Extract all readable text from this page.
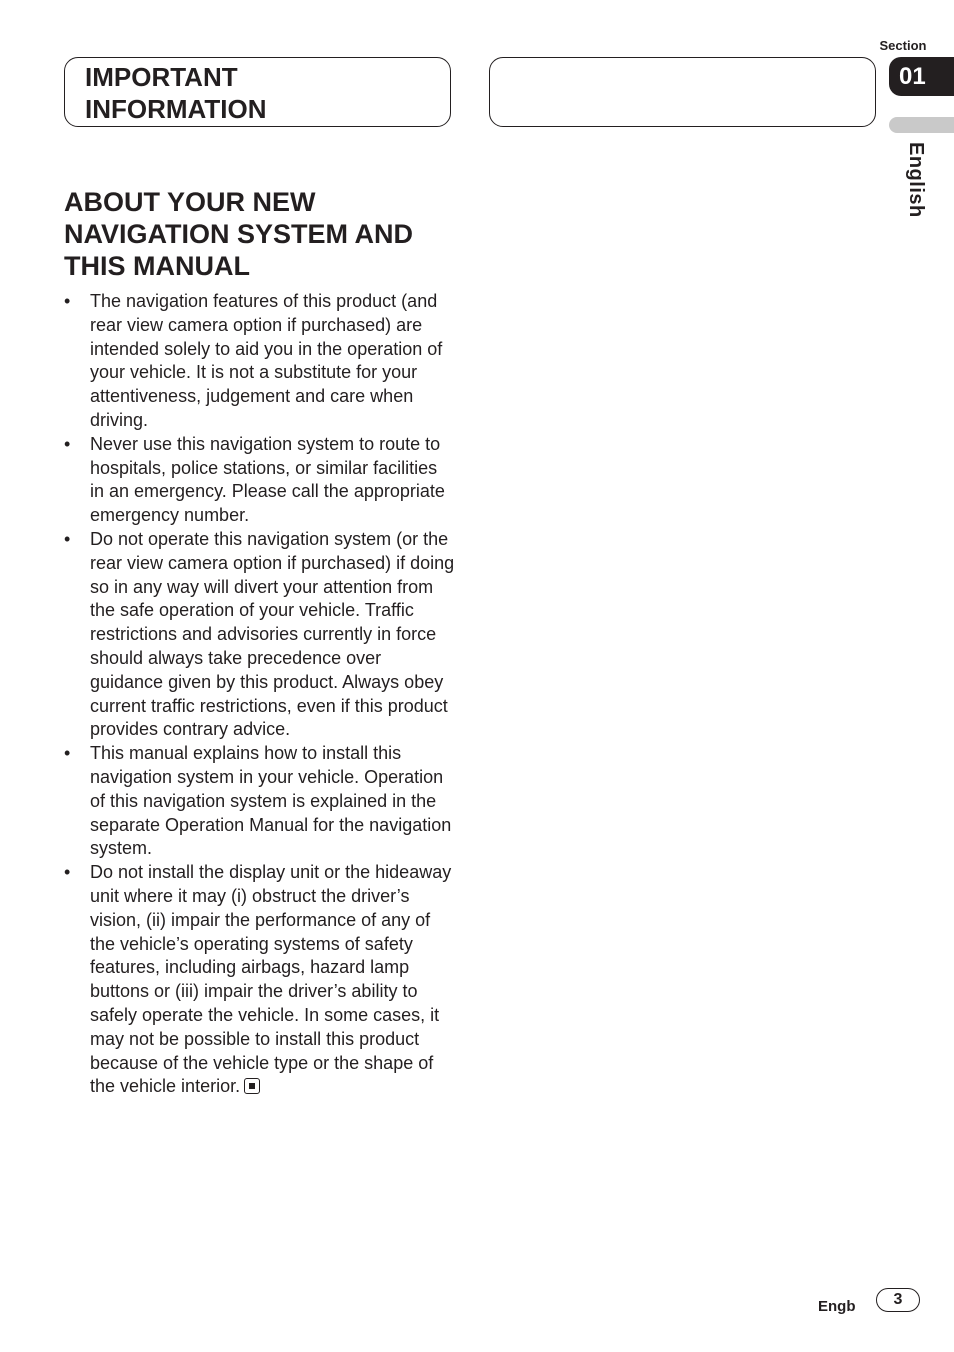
IMPORTANT
INFORMATION
Section
01
English
ABOUT YOUR NEW
NAVIGATION SYSTEM AND
THIS MANUAL
• The navigation features of this product (and rear view camera option if purchased) are intended solely to aid you in the operation of your vehicle. It is not a substitute for your attentiveness, judgement and care when driving.
• Never use this navigation system to route to hospitals, police stations, or similar facilities in an emergency. Please call the appropriate emergency number.
• Do not operate this navigation system (or the rear view camera option if purchased) if doing so in any way will divert your attention from the safe operation of your vehicle. Traffic restrictions and advisories currently in force should always take precedence over guidance given by this product. Always obey current traffic restrictions, even if this product provides contrary advice.
• This manual explains how to install this navigation system in your vehicle. Operation of this navigation system is explained in the separate Operation Manual for the navigation system.
• Do not install the display unit or the hideaway unit where it may (i) obstruct the driver’s vision, (ii) impair the performance of any of the vehicle’s operating systems of safety features, including airbags, hazard lamp buttons or (iii) impair the driver’s ability to safely operate the vehicle. In some cases, it may not be possible to install this product because of the vehicle type or the shape of the vehicle interior.
Engb	3
